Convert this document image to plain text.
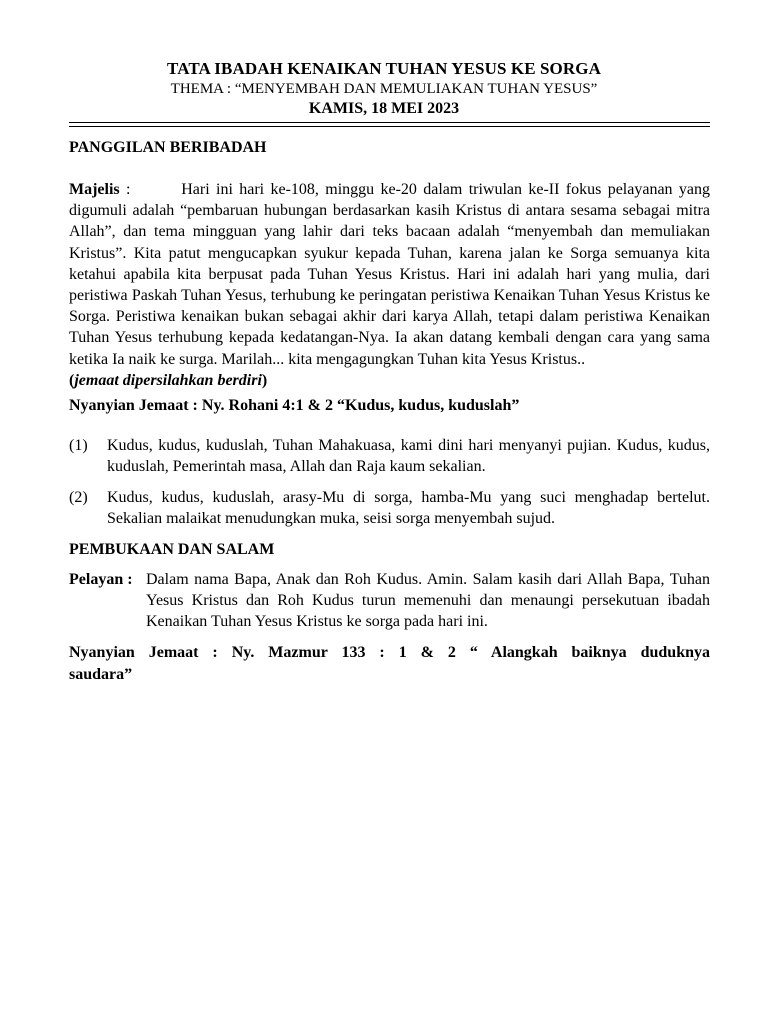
TATA IBADAH KENAIKAN TUHAN YESUS KE SORGA
THEMA : “MENYEMBAH DAN MEMULIAKAN TUHAN YESUS”
KAMIS, 18 MEI 2023
PANGGILAN BERIBADAH

Majelis :        Hari ini hari ke-108, minggu ke-20 dalam triwulan ke-II fokus pelayanan yang digumuli adalah “pembaruan hubungan berdasarkan kasih Kristus di antara sesama sebagai mitra Allah”, dan tema mingguan yang lahir dari teks bacaan adalah “menyembah dan memuliakan Kristus”. Kita patut mengucapkan syukur kepada Tuhan, karena jalan ke Sorga semuanya kita ketahui apabila kita berpusat pada Tuhan Yesus Kristus. Hari ini adalah hari yang mulia, dari peristiwa Paskah Tuhan Yesus, terhubung ke peringatan peristiwa Kenaikan Tuhan Yesus Kristus ke Sorga. Peristiwa kenaikan bukan sebagai akhir dari karya Allah, tetapi dalam peristiwa Kenaikan Tuhan Yesus terhubung kepada kedatangan-Nya. Ia akan datang kembali dengan cara yang sama ketika Ia naik ke surga. Marilah... kita mengagungkan Tuhan kita Yesus Kristus..
(jemaat dipersilahkan berdiri)

Nyanyian Jemaat : Ny. Rohani 4:1 & 2 “Kudus, kudus, kuduslah”
(1)	Kudus, kudus, kuduslah, Tuhan Mahakuasa, kami dini hari menyanyi pujian. Kudus, kudus, kuduslah, Pemerintah masa, Allah dan Raja kaum sekalian.
(2)	Kudus, kudus, kuduslah, arasy-Mu di sorga, hamba-Mu yang suci menghadap bertelut. Sekalian malaikat menudungkan muka, seisi sorga menyembah sujud.
PEMBUKAAN DAN SALAM
Pelayan : Dalam nama Bapa, Anak dan Roh Kudus. Amin. Salam kasih dari Allah Bapa, Tuhan Yesus Kristus dan Roh Kudus turun memenuhi dan menaungi persekutuan ibadah Kenaikan Tuhan Yesus Kristus ke sorga pada hari ini.
Nyanyian Jemaat : Ny. Mazmur 133 : 1 & 2 “ Alangkah baiknya duduknya
saudara”
